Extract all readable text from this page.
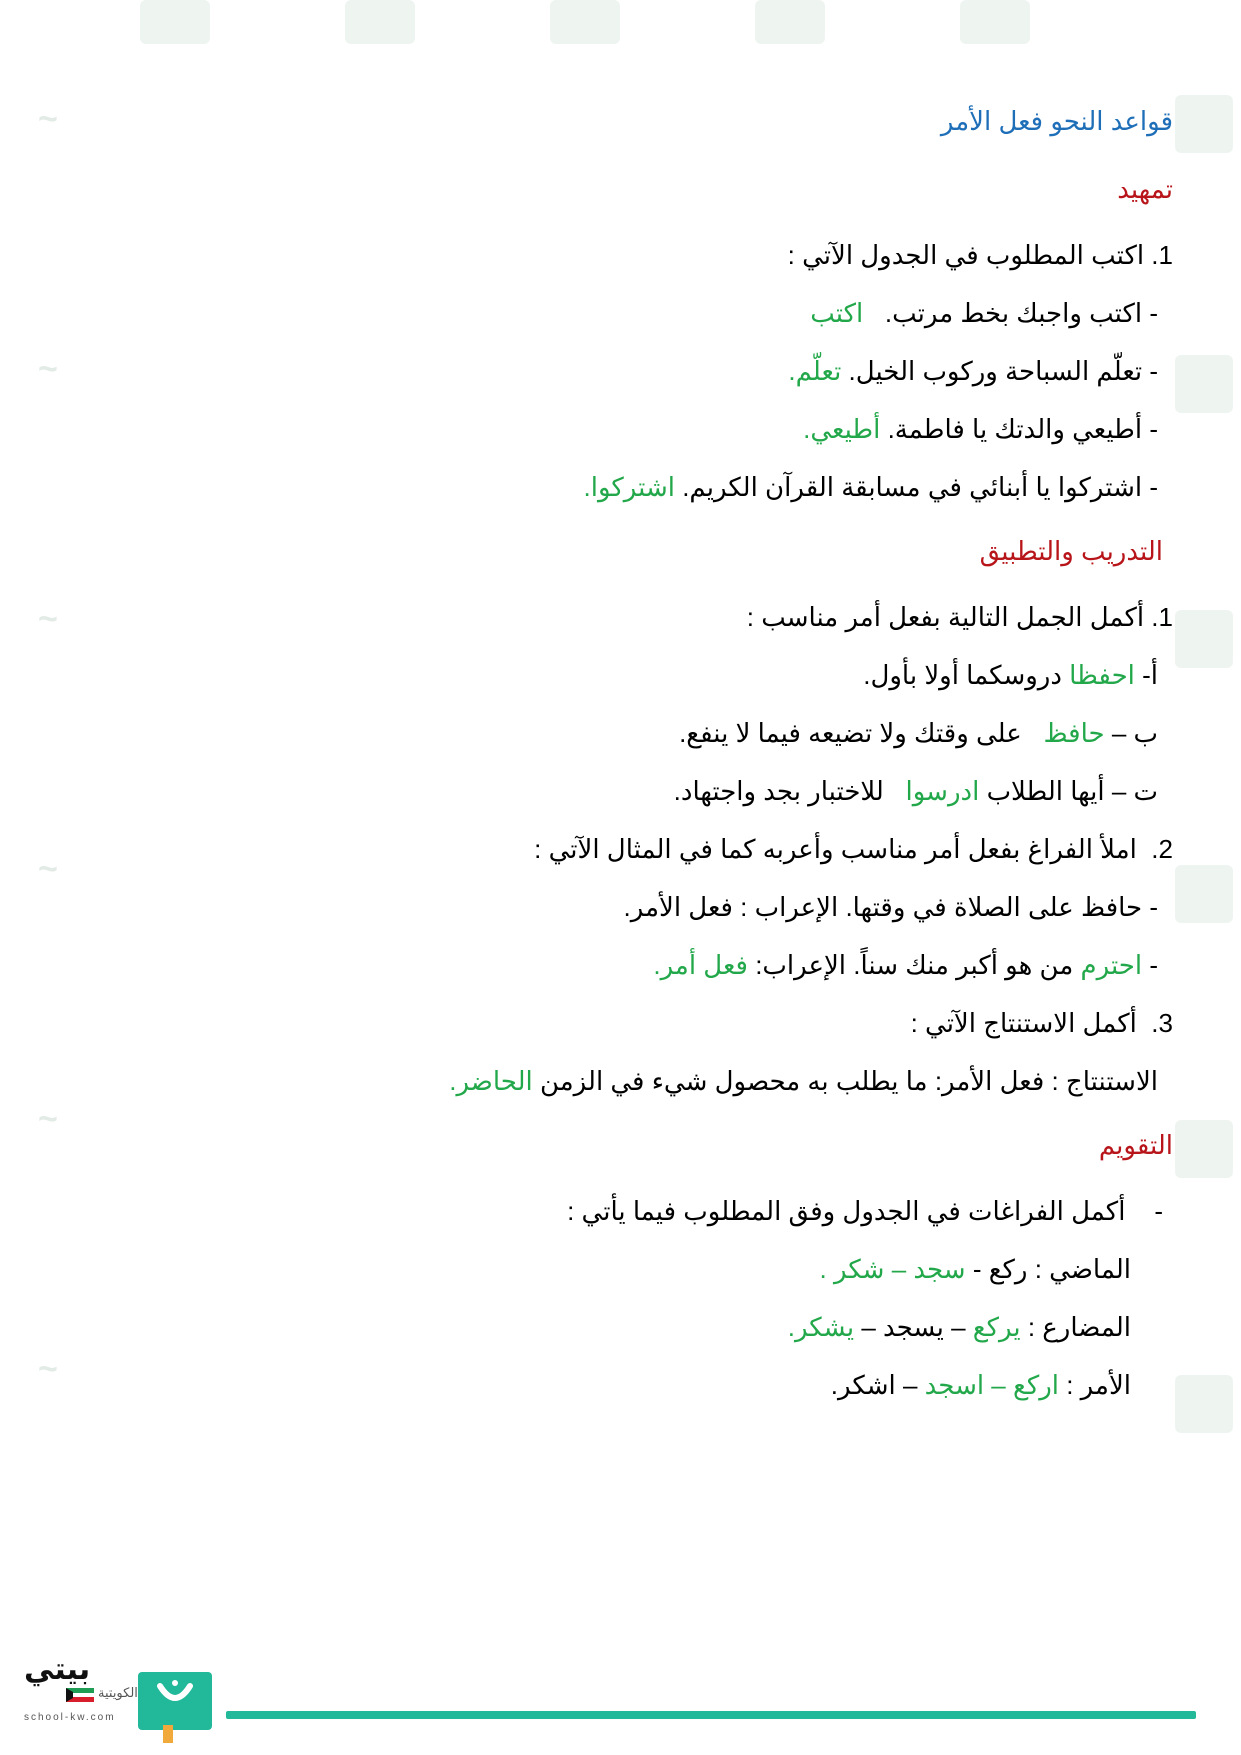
~
~
~
~
~
~
قواعد النحو فعل الأمر
تمهيد
1. اكتب المطلوب في الجدول الآتي :
- اكتب واجبك بخط مرتب.   اكتب
- تعلّم السباحة وركوب الخيل. تعلّم.
- أطيعي والدتك يا فاطمة. أطيعي.
- اشتركوا يا أبنائي في مسابقة القرآن الكريم. اشتركوا.
التدريب والتطبيق
1. أكمل الجمل التالية بفعل أمر مناسب :
أ- احفظا دروسكما أولا بأول.
ب – حافظ   على وقتك ولا تضيعه فيما لا ينفع.
ت – أيها الطلاب ادرسوا   للاختبار بجد واجتهاد.
2.  املأ الفراغ بفعل أمر مناسب وأعربه كما في المثال الآتي :
- حافظ على الصلاة في وقتها. الإعراب : فعل الأمر.
- احترم من هو أكبر منك سناً. الإعراب: فعل أمر.
3.  أكمل الاستنتاج الآتي :
الاستنتاج : فعل الأمر: ما يطلب به محصول شيء في الزمن الحاضر.
التقويم
-    أكمل الفراغات في الجدول وفق المطلوب فيما يأتي :
الماضي : ركع - سجد – شكر .
المضارع : يركع – يسجد – يشكر.
الأمر : اركع – اسجد – اشكر.
بيتي
الكويتية
school-kw.com
